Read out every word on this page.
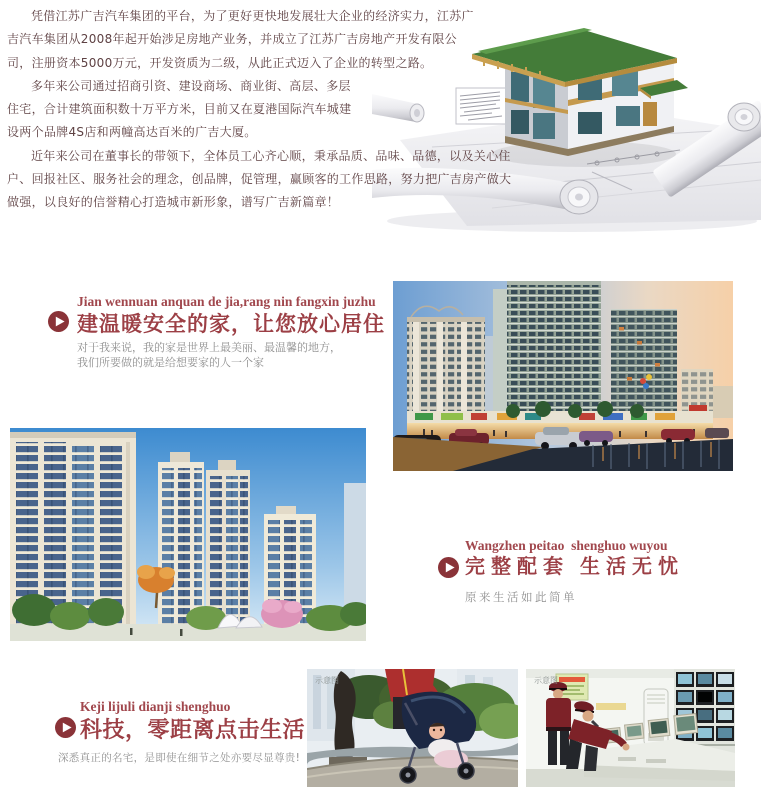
凭借江苏广吉汽车集团的平台，为了更好更快地发展壮大企业的经济实力，江苏广吉汽车集团从2008年起开始涉足房地产业务，并成立了江苏广吉房地产开发有限公司，注册资本5000万元，开发资质为二级，从此正式迈入了企业的转型之路。

多年来公司通过招商引资、建设商场、商业街、高层、多层住宅，合计建筑面积数十万平方米，目前又在夏港国际汽车城建设两个品牌4S店和两幢高达百米的广吉大厦。

近年来公司在董事长的带领下，全体员工心齐心顺，秉承品质、品味、品德，以及关心住户、回报社区、服务社会的理念，创品牌，促管理，赢顾客的工作思路，努力把广吉房产做大做强，以良好的信誉精心打造城市新形象，谱写广吉新篇章！

Jian wennuan anquan de jia,rang nin fangxin juzhu
建温暖安全的家，让您放心居住
对于我来说，我的家是世界上最美丽、最温馨的地方，
我们所要做的就是给想要家的人一个家
Wangzhen peitao  shenghuo wuyou
完整配套 生活无忧
原来生活如此简单
Keji lijuli dianji shenghuo
科技，零距离点击生活
深悉真正的名宅，是即使在细节之处亦要尽显尊贵!
示意图	示意图
